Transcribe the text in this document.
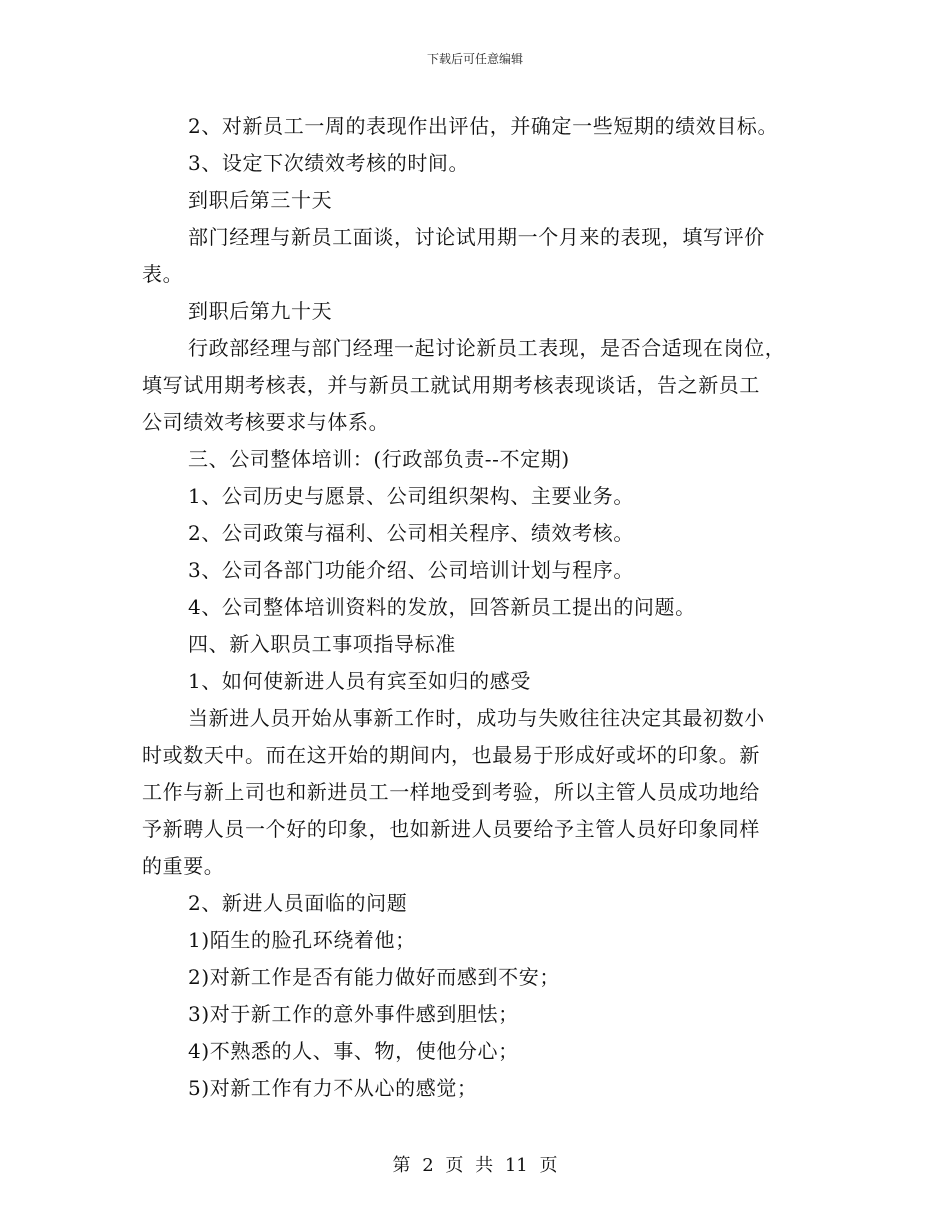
下载后可任意编辑
2、对新员工一周的表现作出评估，并确定一些短期的绩效目标。
3、设定下次绩效考核的时间。
到职后第三十天
部门经理与新员工面谈，讨论试用期一个月来的表现，填写评价
表。
到职后第九十天
行政部经理与部门经理一起讨论新员工表现，是否合适现在岗位，
填写试用期考核表，并与新员工就试用期考核表现谈话，告之新员工
公司绩效考核要求与体系。
三、公司整体培训：(行政部负责--不定期)
1、公司历史与愿景、公司组织架构、主要业务。
2、公司政策与福利、公司相关程序、绩效考核。
3、公司各部门功能介绍、公司培训计划与程序。
4、公司整体培训资料的发放，回答新员工提出的问题。
四、新入职员工事项指导标准
1、如何使新进人员有宾至如归的感受
当新进人员开始从事新工作时，成功与失败往往决定其最初数小
时或数天中。而在这开始的期间内，也最易于形成好或坏的印象。新
工作与新上司也和新进员工一样地受到考验，所以主管人员成功地给
予新聘人员一个好的印象，也如新进人员要给予主管人员好印象同样
的重要。
2、新进人员面临的问题
1)陌生的脸孔环绕着他；
2)对新工作是否有能力做好而感到不安；
3)对于新工作的意外事件感到胆怯；
4)不熟悉的人、事、物，使他分心；
5)对新工作有力不从心的感觉；
第 2 页 共 11 页
